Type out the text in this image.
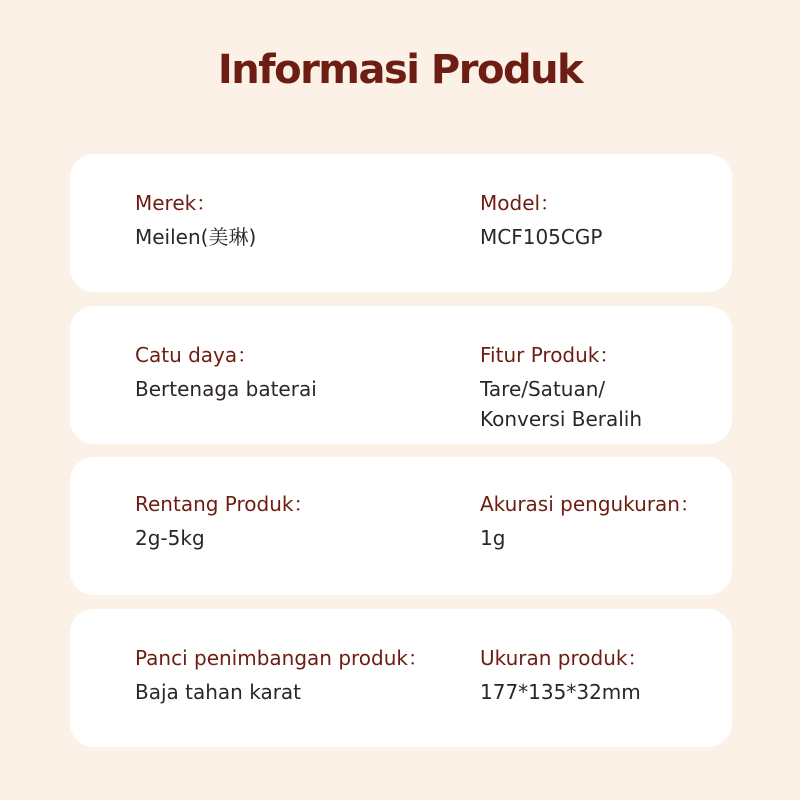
Informasi Produk
Merek：
Meilen(美琳)
Model：
MCF105CGP
Catu daya：
Bertenaga baterai
Fitur Produk：
Tare/Satuan/
Konversi Beralih
Rentang Produk：
2g-5kg
Akurasi pengukuran：
1g
Panci penimbangan produk：
Baja tahan karat
Ukuran produk：
177*135*32mm
